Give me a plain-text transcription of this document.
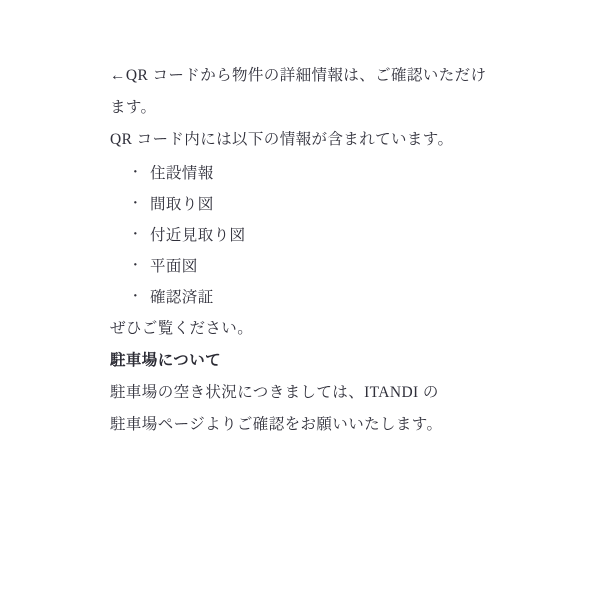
←QR コードから物件の詳細情報は、ご確認いただけます。

QR コード内には以下の情報が含まれています。

· 住設情報
· 間取り図
· 付近見取り図
· 平面図
· 確認済証

ぜひご覧ください。

駐車場について

駐車場の空き状況につきましては、ITANDI の

駐車場ページよりご確認をお願いいたします。
